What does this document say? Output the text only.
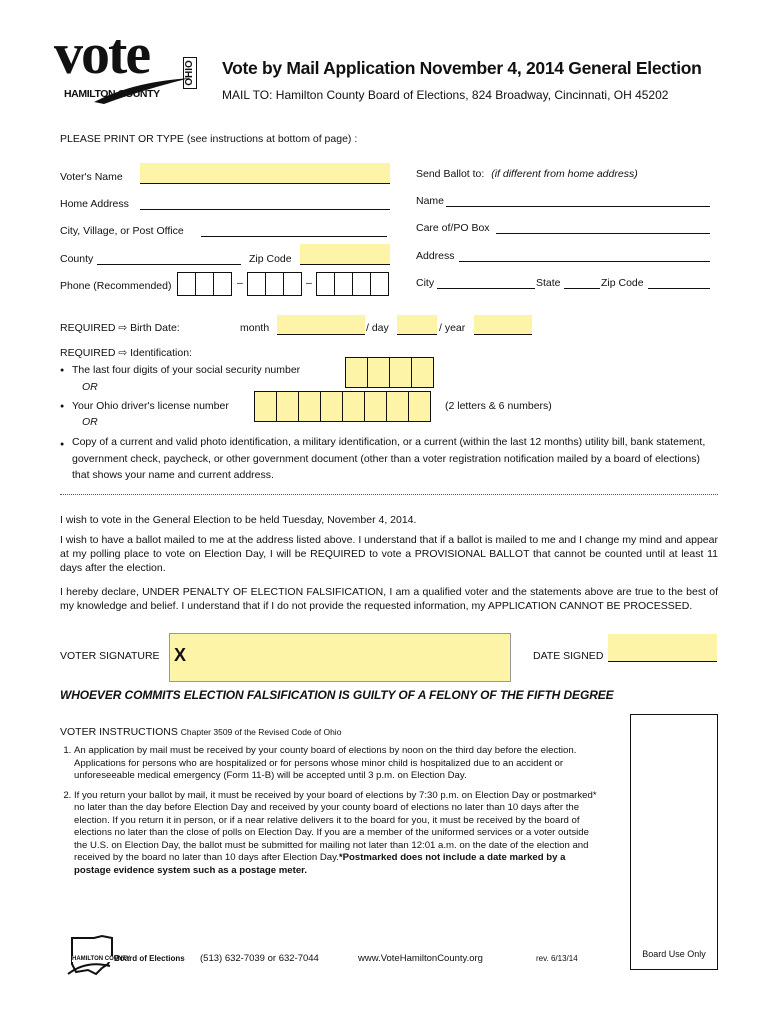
vote
HAMILTON COUNTY
OHIO Vote by Mail Application November 4, 2014 General Election
MAIL TO: Hamilton County Board of Elections, 824 Broadway, Cincinnati, OH 45202
PLEASE PRINT OR TYPE (see instructions at bottom of page) :
Voter's Name
Home Address
City, Village, or Post Office
County	Zip Code
Phone (Recommended)	–	–
Send Ballot to: (if different from home address)
Name
Care of/PO Box
Address
City	State	Zip Code
REQUIRED ⇨ Birth Date:	month	/ day	/ year
REQUIRED ⇨ Identification:
● The last four digits of your social security number
OR
● Your Ohio driver's license number	(2 letters & 6 numbers)
OR
● Copy of a current and valid photo identification, a military identification, or a current (within the last 12 months) utility bill, bank statement, government check, paycheck, or other government document (other than a voter registration notification mailed by a board of elections) that shows your name and current address.

I wish to vote in the General Election to be held Tuesday, November 4, 2014.

I wish to have a ballot mailed to me at the address listed above. I understand that if a ballot is mailed to me and I change my mind and appear at my polling place to vote on Election Day, I will be REQUIRED to vote a PROVISIONAL BALLOT that cannot be counted until at least 11 days after the election.

I hereby declare, UNDER PENALTY OF ELECTION FALSIFICATION, I am a qualified voter and the statements above are true to the best of my knowledge and belief. I understand that if I do not provide the requested information, my APPLICATION CANNOT BE PROCESSED.

VOTER SIGNATURE X	DATE SIGNED
WHOEVER COMMITS ELECTION FALSIFICATION IS GUILTY OF A FELONY OF THE FIFTH DEGREE
VOTER INSTRUCTIONS Chapter 3509 of the Revised Code of Ohio
1. An application by mail must be received by your county board of elections by noon on the third day before the election. Applications for persons who are hospitalized or for persons whose minor child is hospitalized due to an accident or unforeseeable medical emergency (Form 11-B) will be accepted until 3 p.m. on Election Day.
2. If you return your ballot by mail, it must be received by your board of elections by 7:30 p.m. on Election Day or postmarked* no later than the day before Election Day and received by your county board of elections no later than 10 days after the election. If you return it in person, or if a near relative delivers it to the board for you, it must be received by the board of elections no later than the close of polls on Election Day. If you are a member of the uniformed services or a voter outside the U.S. on Election Day, the ballot must be submitted for mailing not later than 12:01 a.m. on the date of the election and received by the board no later than 10 days after Election Day.*Postmarked does not include a date marked by a postage evidence system such as a postage meter.
Board Use Only
HAMILTON COUNTY
Board of Elections (513) 632-7039 or 632-7044	www.VoteHamiltonCounty.org	rev. 6/13/14
